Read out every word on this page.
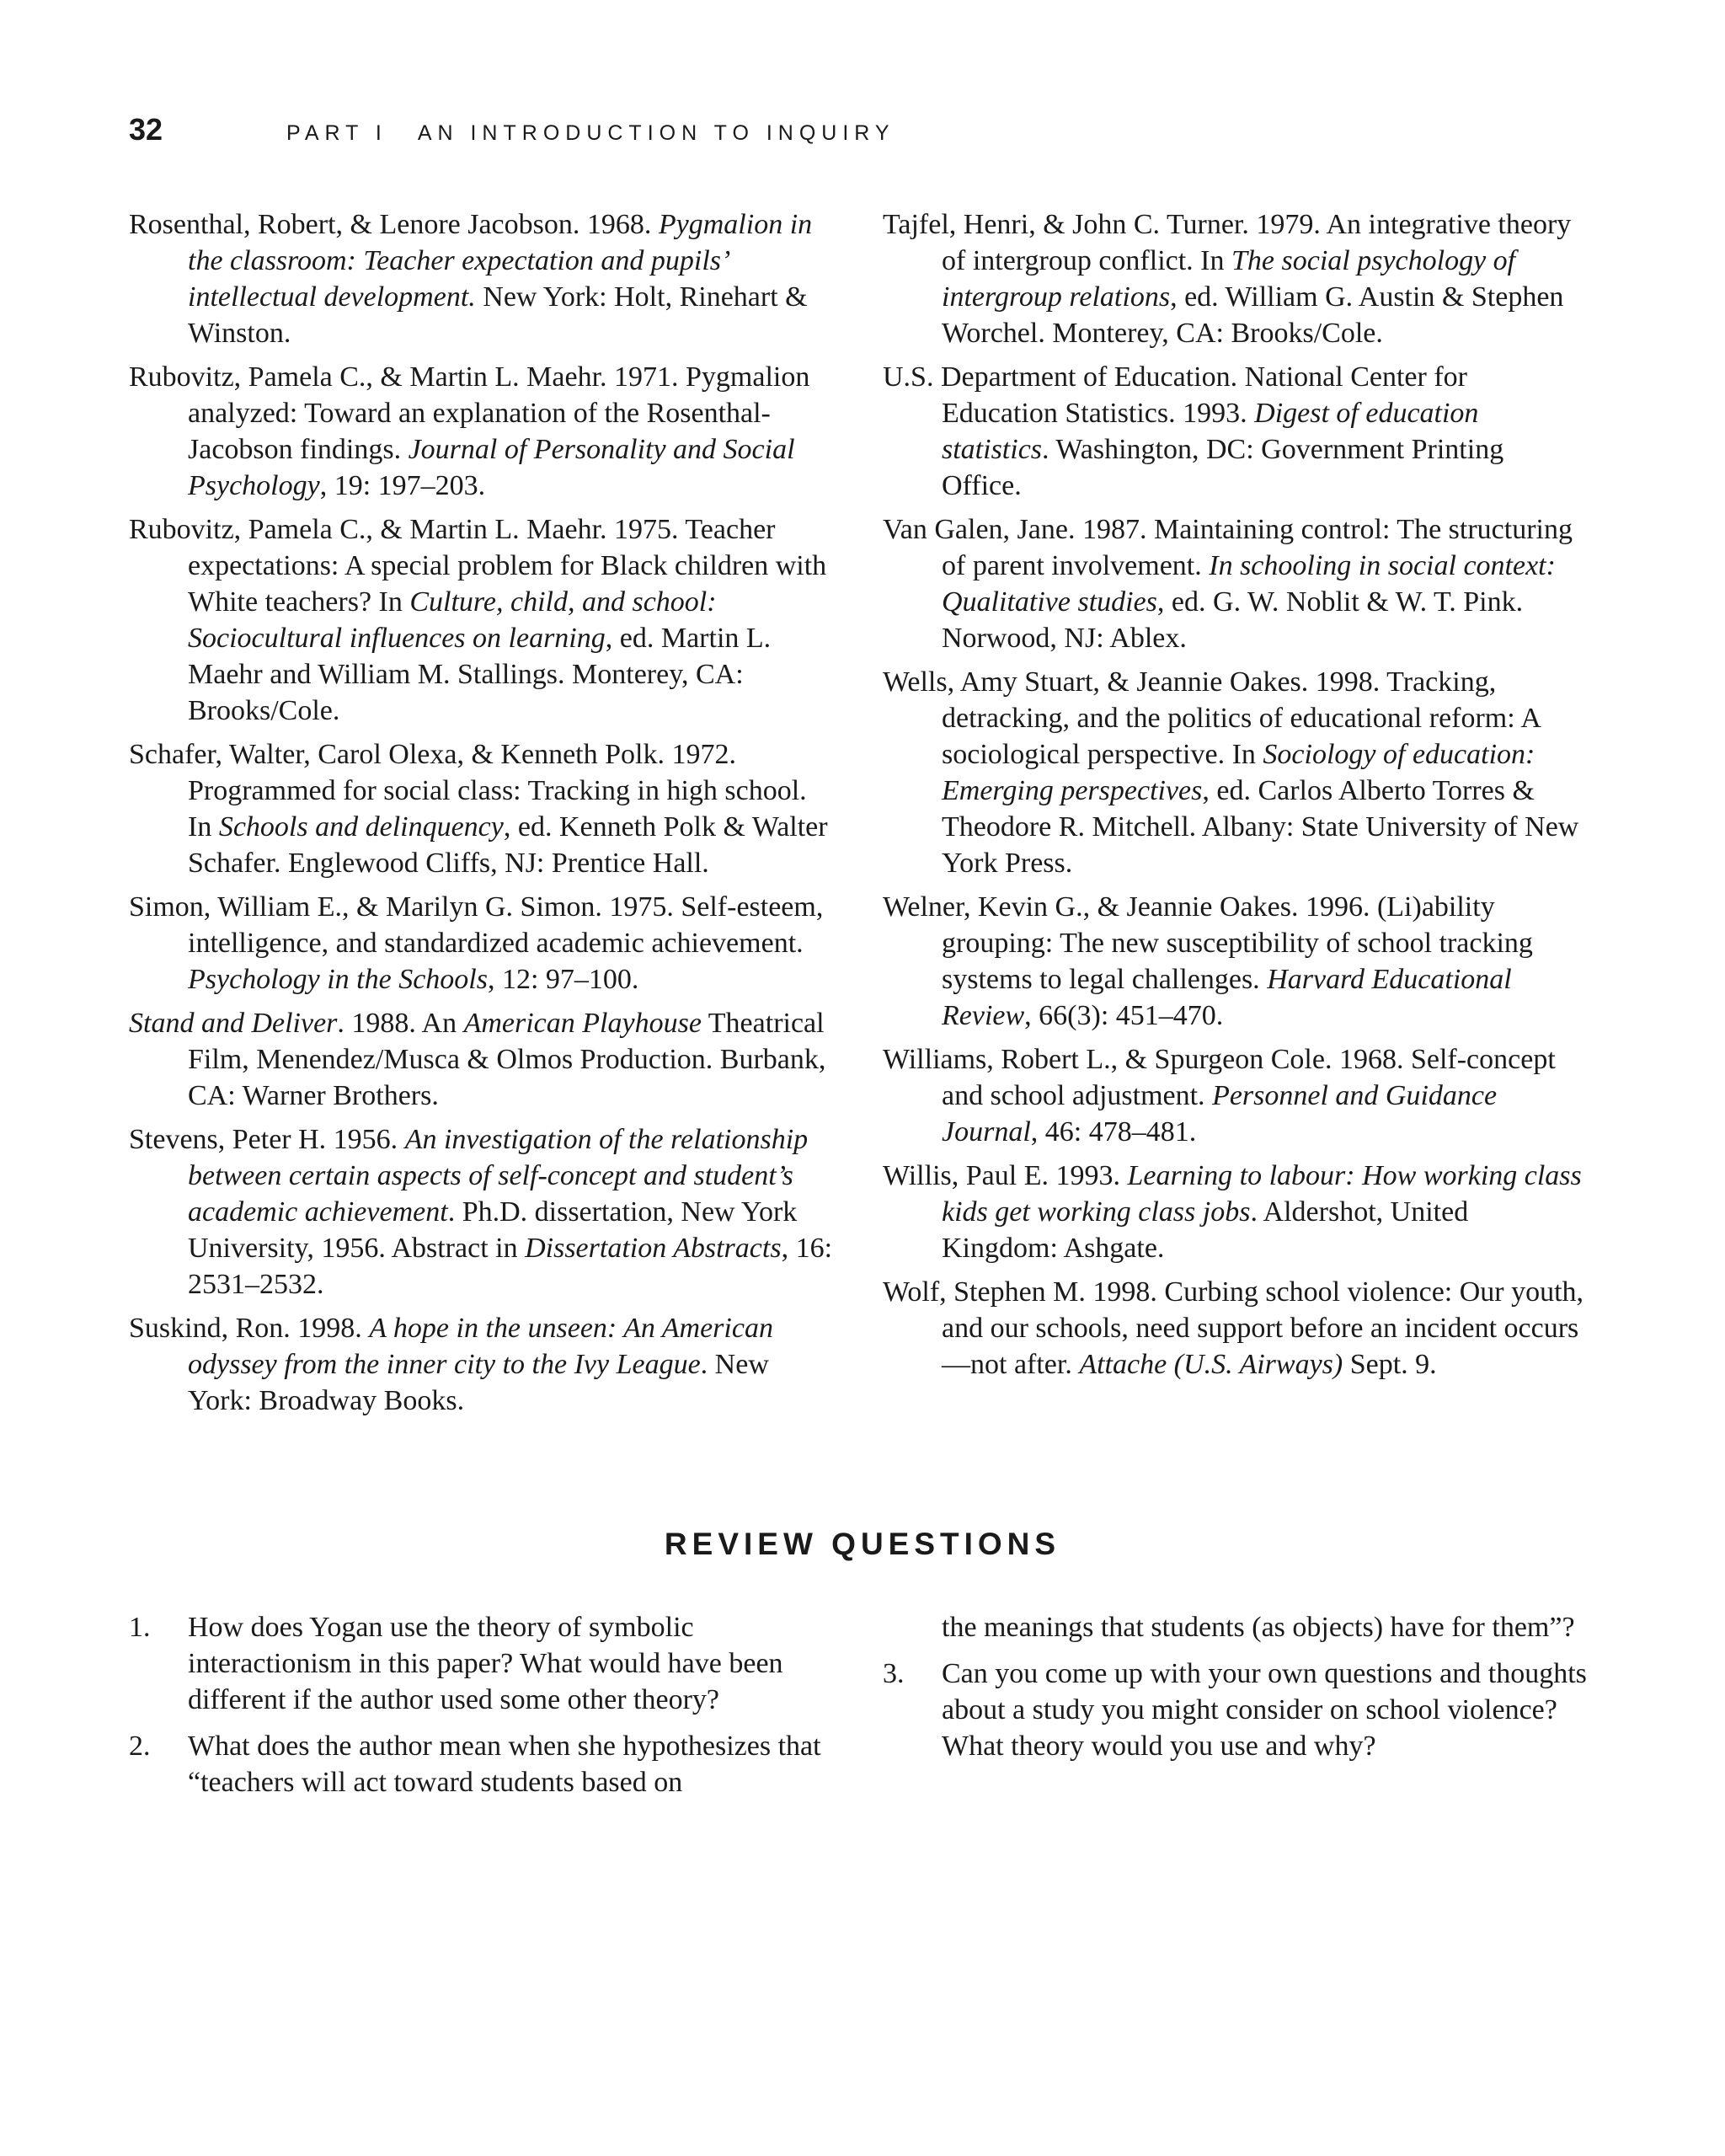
32	PART I AN INTRODUCTION TO INQUIRY
Rosenthal, Robert, & Lenore Jacobson. 1968. Pygmalion in the classroom: Teacher expectation and pupils’ intellectual development. New York: Holt, Rinehart & Winston.
Rubovitz, Pamela C., & Martin L. Maehr. 1971. Pygmalion analyzed: Toward an explanation of the Rosenthal-Jacobson findings. Journal of Personality and Social Psychology, 19: 197–203.
Rubovitz, Pamela C., & Martin L. Maehr. 1975. Teacher expectations: A special problem for Black children with White teachers? In Culture, child, and school: Sociocultural influences on learning, ed. Martin L. Maehr and William M. Stallings. Monterey, CA: Brooks/Cole.
Schafer, Walter, Carol Olexa, & Kenneth Polk. 1972. Programmed for social class: Tracking in high school. In Schools and delinquency, ed. Kenneth Polk & Walter Schafer. Englewood Cliffs, NJ: Prentice Hall.
Simon, William E., & Marilyn G. Simon. 1975. Self-esteem, intelligence, and standardized academic achievement. Psychology in the Schools, 12: 97–100.
Stand and Deliver. 1988. An American Playhouse Theatrical Film, Menendez/Musca & Olmos Production. Burbank, CA: Warner Brothers.
Stevens, Peter H. 1956. An investigation of the relationship between certain aspects of self-concept and student’s academic achievement. Ph.D. dissertation, New York University, 1956. Abstract in Dissertation Abstracts, 16: 2531–2532.
Suskind, Ron. 1998. A hope in the unseen: An American odyssey from the inner city to the Ivy League. New York: Broadway Books.
Tajfel, Henri, & John C. Turner. 1979. An integrative theory of intergroup conflict. In The social psychology of intergroup relations, ed. William G. Austin & Stephen Worchel. Monterey, CA: Brooks/Cole.
U.S. Department of Education. National Center for Education Statistics. 1993. Digest of education statistics. Washington, DC: Government Printing Office.
Van Galen, Jane. 1987. Maintaining control: The structuring of parent involvement. In schooling in social context: Qualitative studies, ed. G. W. Noblit & W. T. Pink. Norwood, NJ: Ablex.
Wells, Amy Stuart, & Jeannie Oakes. 1998. Tracking, detracking, and the politics of educational reform: A sociological perspective. In Sociology of education: Emerging perspectives, ed. Carlos Alberto Torres & Theodore R. Mitchell. Albany: State University of New York Press.
Welner, Kevin G., & Jeannie Oakes. 1996. (Li)ability grouping: The new susceptibility of school tracking systems to legal challenges. Harvard Educational Review, 66(3): 451–470.
Williams, Robert L., & Spurgeon Cole. 1968. Self-concept and school adjustment. Personnel and Guidance Journal, 46: 478–481.
Willis, Paul E. 1993. Learning to labour: How working class kids get working class jobs. Aldershot, United Kingdom: Ashgate.
Wolf, Stephen M. 1998. Curbing school violence: Our youth, and our schools, need support before an incident occurs—not after. Attache (U.S. Airways) Sept. 9.
REVIEW QUESTIONS
1. How does Yogan use the theory of symbolic interactionism in this paper? What would have been different if the author used some other theory?
2. What does the author mean when she hypothesizes that “teachers will act toward students based on
the meanings that students (as objects) have for them”?
3. Can you come up with your own questions and thoughts about a study you might consider on school violence? What theory would you use and why?
